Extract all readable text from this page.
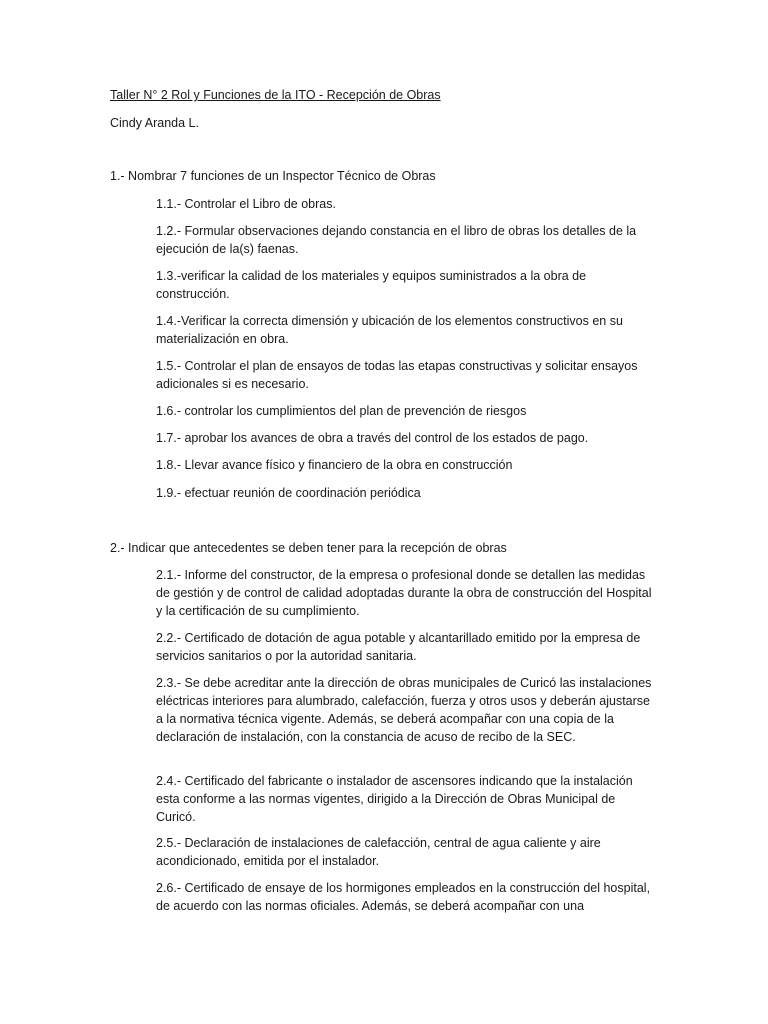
Taller N° 2 Rol y Funciones de la ITO - Recepción de Obras
Cindy Aranda L.
1.- Nombrar 7 funciones de un Inspector Técnico de Obras
1.1.- Controlar el Libro de obras.
1.2.- Formular observaciones dejando constancia en el libro de obras los detalles de la ejecución de la(s) faenas.
1.3.-verificar la calidad de los materiales y equipos suministrados a la obra de construcción.
1.4.-Verificar la correcta dimensión y ubicación de los elementos constructivos en su materialización en obra.
1.5.- Controlar el plan de ensayos de todas las etapas constructivas y solicitar ensayos adicionales si es necesario.
1.6.- controlar los cumplimientos del plan de prevención de riesgos
1.7.- aprobar los avances de obra a través del control de los estados de pago.
1.8.- Llevar avance físico y financiero de la obra en construcción
1.9.- efectuar reunión de coordinación periódica
2.- Indicar que antecedentes se deben tener para la recepción de obras
2.1.- Informe del constructor, de la empresa o profesional donde se detallen las medidas de gestión y de control de calidad adoptadas durante la obra de construcción del Hospital y la certificación de su cumplimiento.
2.2.- Certificado de dotación de agua potable y alcantarillado emitido por la empresa de servicios sanitarios o por la autoridad sanitaria.
2.3.- Se debe acreditar ante la dirección de obras municipales de Curicó las instalaciones eléctricas interiores para alumbrado, calefacción, fuerza y otros usos y deberán ajustarse a la normativa técnica vigente. Además, se deberá acompañar con una copia de la declaración de instalación, con la constancia de acuso de recibo de la SEC.
2.4.- Certificado del fabricante o instalador de ascensores indicando que la instalación esta conforme a las normas vigentes, dirigido a la Dirección de Obras Municipal de Curicó.
2.5.- Declaración de instalaciones de calefacción, central de agua caliente y aire acondicionado, emitida por el instalador.
2.6.- Certificado de ensaye de los hormigones empleados en la construcción del hospital, de acuerdo con las normas oficiales. Además, se deberá acompañar con una
